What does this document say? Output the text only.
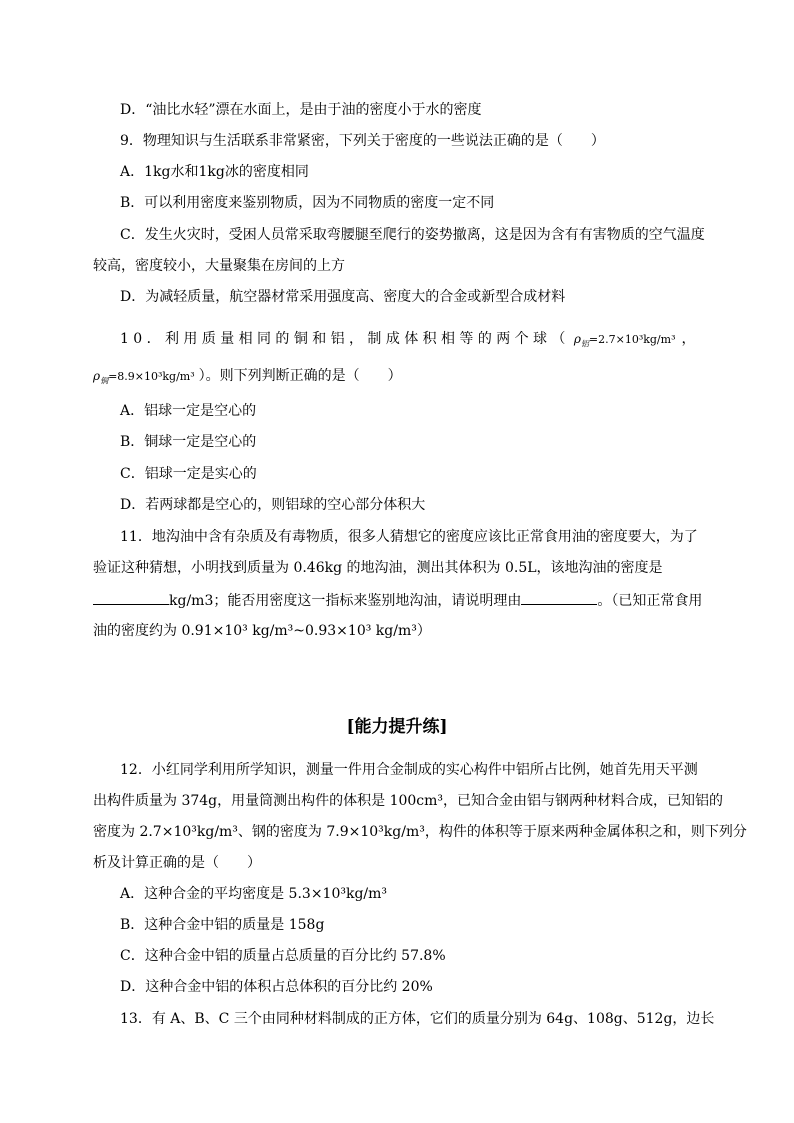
D．“油比水轻”漂在水面上，是由于油的密度小于水的密度
9．物理知识与生活联系非常紧密，下列关于密度的一些说法正确的是（　　）
A．1kg水和1kg冰的密度相同
B．可以利用密度来鉴别物质，因为不同物质的密度一定不同
C．发生火灾时，受困人员常采取弯腰腿至爬行的姿势撤离，这是因为含有有害物质的空气温度
较高，密度较小，大量聚集在房间的上方
D．为减轻质量，航空器材常采用强度高、密度大的合金或新型合成材料
10．利用质量相同的铜和铝，制成体积相等的两个球（ $\rho_铝=2.7\times 10^3kg/m^3$ ，
$\rho_铜=8.9\times 10^3kg/m^3$ ）。则下列判断正确的是（　　）
A．铝球一定是空心的
B．铜球一定是空心的
C．铝球一定是实心的
D．若两球都是空心的，则铝球的空心部分体积大
11．地沟油中含有杂质及有毒物质，很多人猜想它的密度应该比正常食用油的密度要大，为了
验证这种猜想，小明找到质量为 0.46kg 的地沟油，测出其体积为 0.5L，该地沟油的密度是
kg/m3；能否用密度这一指标来鉴别地沟油，请说明理由	。（已知正常食用
油的密度约为 0.91×10³ kg/m³~0.93×10³ kg/m³）
[能力提升练]
12．小红同学利用所学知识，测量一件用合金制成的实心构件中铝所占比例，她首先用天平测
出构件质量为 374g，用量筒测出构件的体积是 100cm³，已知合金由铝与钢两种材料合成，已知铝的
密度为 2.7×10³kg/m³、钢的密度为 7.9×10³kg/m³，构件的体积等于原来两种金属体积之和，则下列分
析及计算正确的是（　　）
A．这种合金的平均密度是 5.3×10³kg/m³
B．这种合金中铝的质量是 158g
C．这种合金中铝的质量占总质量的百分比约 57.8%
D．这种合金中铝的体积占总体积的百分比约 20%
13．有 A、B、C 三个由同种材料制成的正方体，它们的质量分别为 64g、108g、512g，边长
